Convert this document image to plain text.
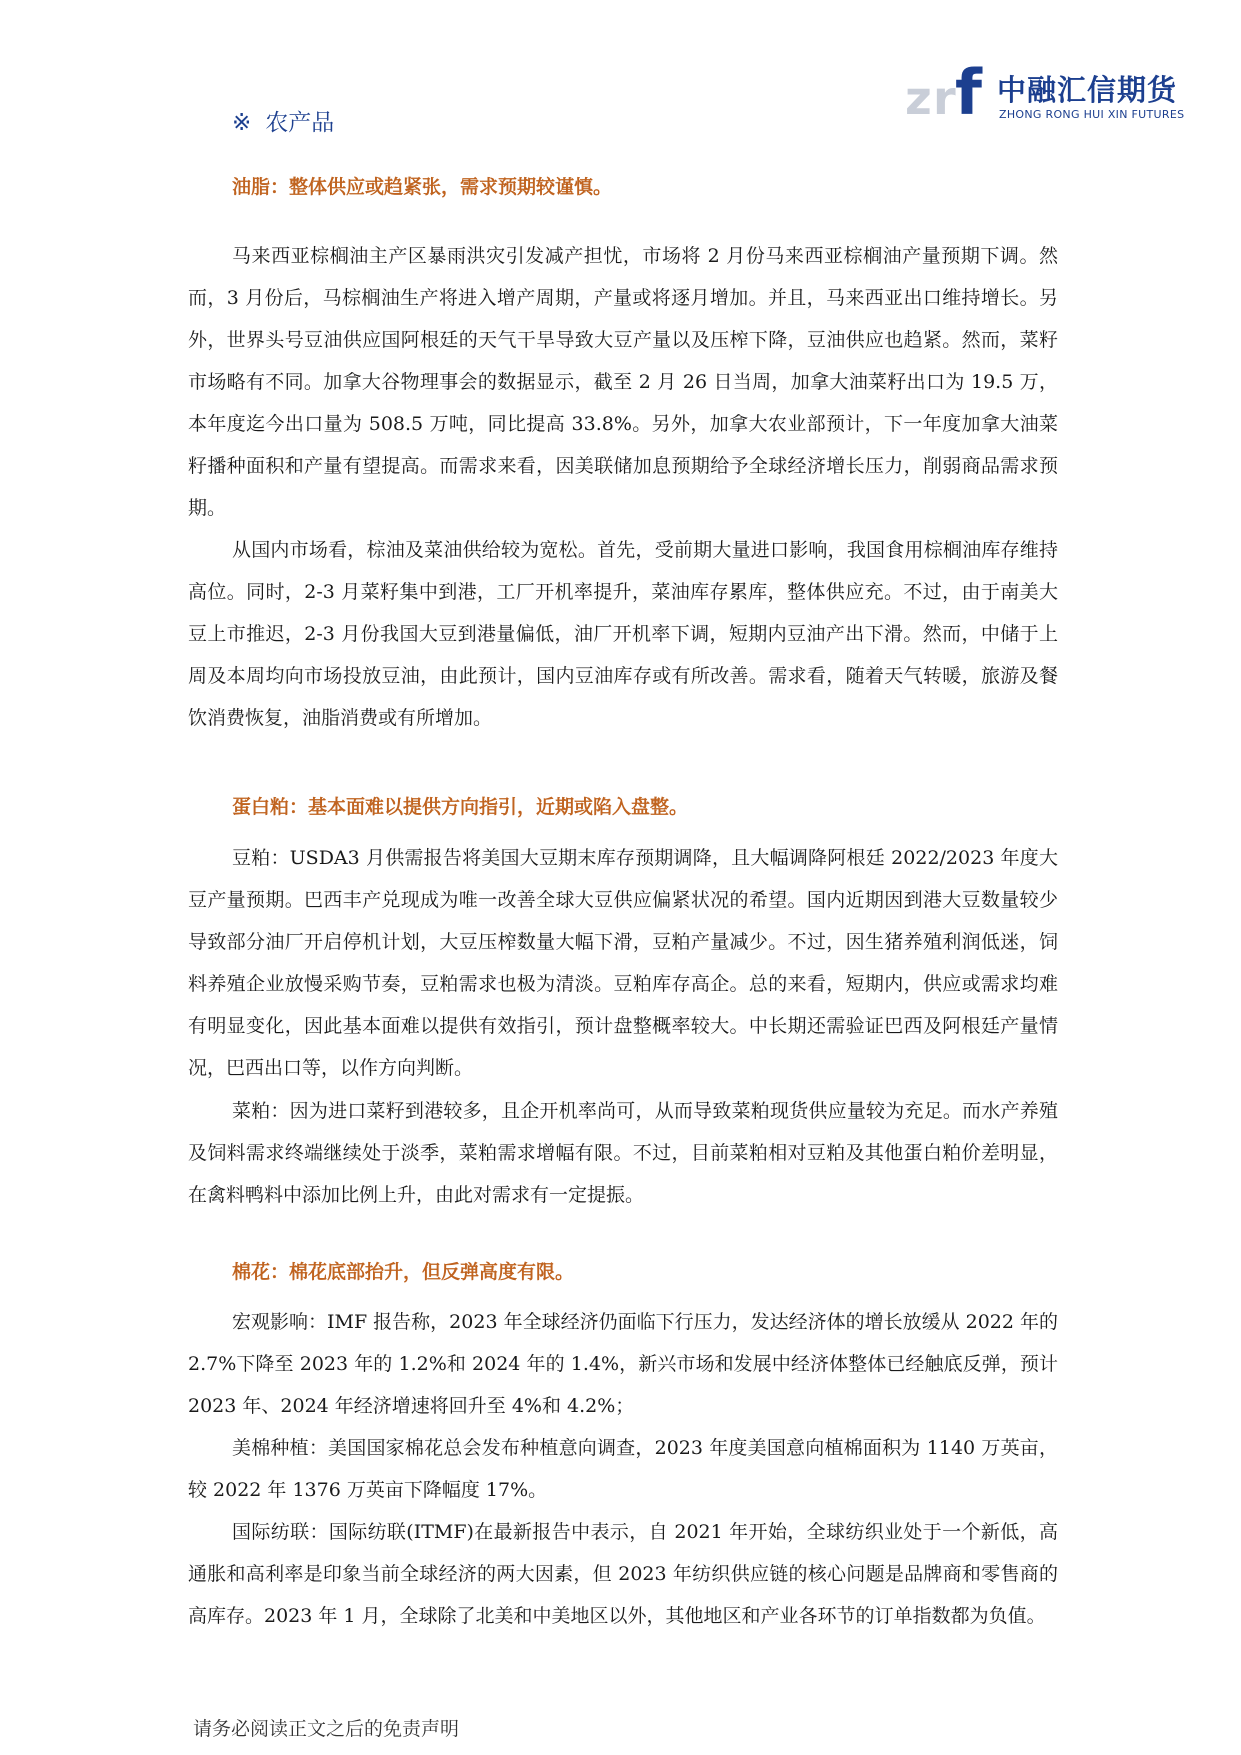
z r f 中融汇信期货
ZHONG RONG HUI XIN FUTURES
※ 农产品
油脂：整体供应或趋紧张，需求预期较谨慎。

马来西亚棕榈油主产区暴雨洪灾引发减产担忧，市场将 2 月份马来西亚棕榈油产量预期下调。然而，3 月份后，马棕榈油生产将进入增产周期，产量或将逐月增加。并且，马来西亚出口维持增长。另外，世界头号豆油供应国阿根廷的天气干旱导致大豆产量以及压榨下降，豆油供应也趋紧。然而，菜籽市场略有不同。加拿大谷物理事会的数据显示，截至 2 月 26 日当周，加拿大油菜籽出口为 19.5 万，本年度迄今出口量为 508.5 万吨，同比提高 33.8%。另外，加拿大农业部预计，下一年度加拿大油菜籽播种面积和产量有望提高。而需求来看，因美联储加息预期给予全球经济增长压力，削弱商品需求预期。

从国内市场看，棕油及菜油供给较为宽松。首先，受前期大量进口影响，我国食用棕榈油库存维持高位。同时，2-3 月菜籽集中到港，工厂开机率提升，菜油库存累库，整体供应充。不过，由于南美大豆上市推迟，2-3 月份我国大豆到港量偏低，油厂开机率下调，短期内豆油产出下滑。然而，中储于上周及本周均向市场投放豆油，由此预计，国内豆油库存或有所改善。需求看，随着天气转暖，旅游及餐饮消费恢复，油脂消费或有所增加。

蛋白粕：基本面难以提供方向指引，近期或陷入盘整。

豆粕：USDA3 月供需报告将美国大豆期末库存预期调降，且大幅调降阿根廷 2022/2023 年度大豆产量预期。巴西丰产兑现成为唯一改善全球大豆供应偏紧状况的希望。国内近期因到港大豆数量较少导致部分油厂开启停机计划，大豆压榨数量大幅下滑，豆粕产量减少。不过，因生猪养殖利润低迷，饲料养殖企业放慢采购节奏，豆粕需求也极为清淡。豆粕库存高企。总的来看，短期内，供应或需求均难有明显变化，因此基本面难以提供有效指引，预计盘整概率较大。中长期还需验证巴西及阿根廷产量情况，巴西出口等，以作方向判断。

菜粕：因为进口菜籽到港较多，且企开机率尚可，从而导致菜粕现货供应量较为充足。而水产养殖及饲料需求终端继续处于淡季，菜粕需求增幅有限。不过，目前菜粕相对豆粕及其他蛋白粕价差明显，在禽料鸭料中添加比例上升，由此对需求有一定提振。

棉花：棉花底部抬升，但反弹高度有限。

宏观影响：IMF 报告称，2023 年全球经济仍面临下行压力，发达经济体的增长放缓从 2022 年的 2.7%下降至 2023 年的 1.2%和 2024 年的 1.4%，新兴市场和发展中经济体整体已经触底反弹，预计 2023 年、2024 年经济增速将回升至 4%和 4.2%；

美棉种植：美国国家棉花总会发布种植意向调查，2023 年度美国意向植棉面积为 1140 万英亩，较 2022 年 1376 万英亩下降幅度 17%。

国际纺联：国际纺联(ITMF)在最新报告中表示，自 2021 年开始，全球纺织业处于一个新低，高通胀和高利率是印象当前全球经济的两大因素，但 2023 年纺织供应链的核心问题是品牌商和零售商的高库存。2023 年 1 月，全球除了北美和中美地区以外，其他地区和产业各环节的订单指数都为负值。

请务必阅读正文之后的免责声明
